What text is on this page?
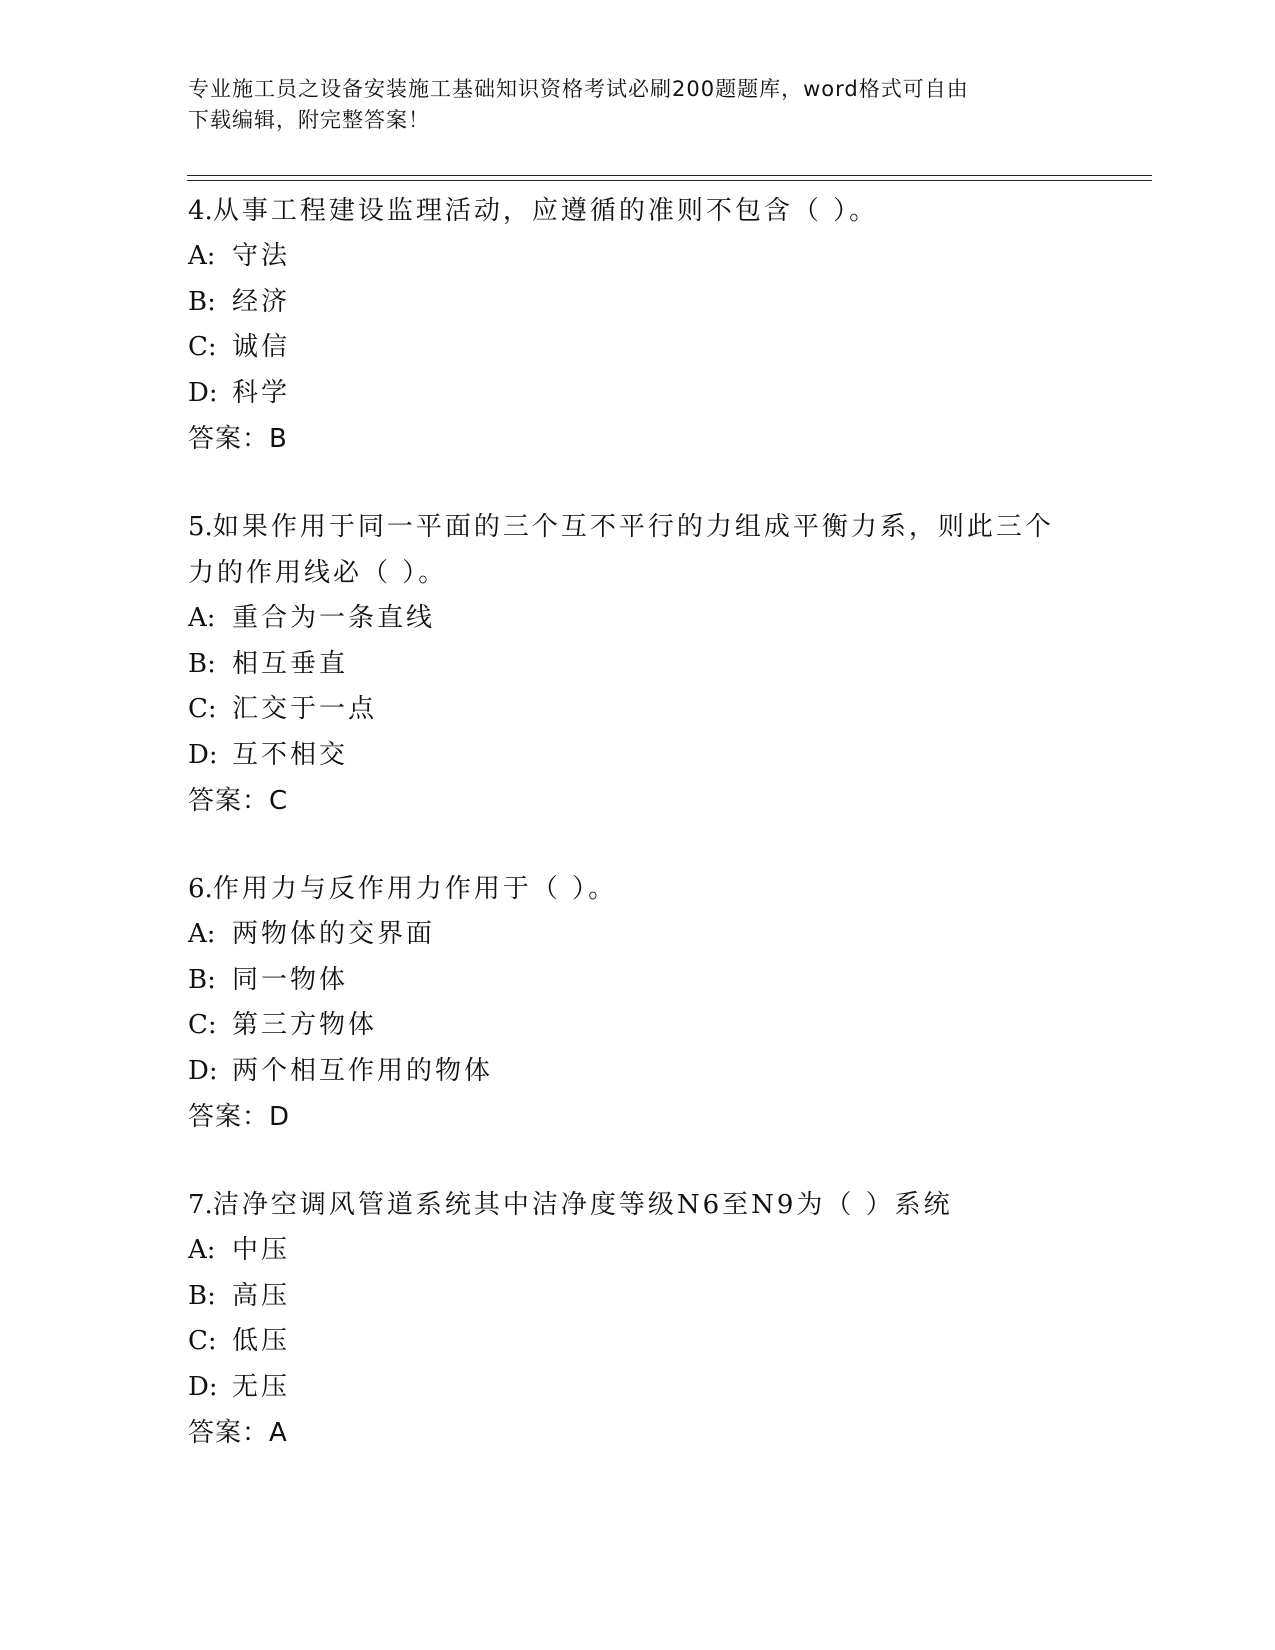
专业施工员之设备安装施工基础知识资格考试必刷200题题库，word格式可自由
下载编辑，附完整答案！
4.从事工程建设监理活动，应遵循的准则不包含（ ）。
A: 守法
B: 经济
C: 诚信
D: 科学
答案：B
5.如果作用于同一平面的三个互不平行的力组成平衡力系，则此三个
力的作用线必（ ）。
A: 重合为一条直线
B: 相互垂直
C: 汇交于一点
D: 互不相交
答案：C
6.作用力与反作用力作用于（ ）。
A: 两物体的交界面
B: 同一物体
C: 第三方物体
D: 两个相互作用的物体
答案：D
7.洁净空调风管道系统其中洁净度等级N6至N9为（ ）系统
A: 中压
B: 高压
C: 低压
D: 无压
答案：A
